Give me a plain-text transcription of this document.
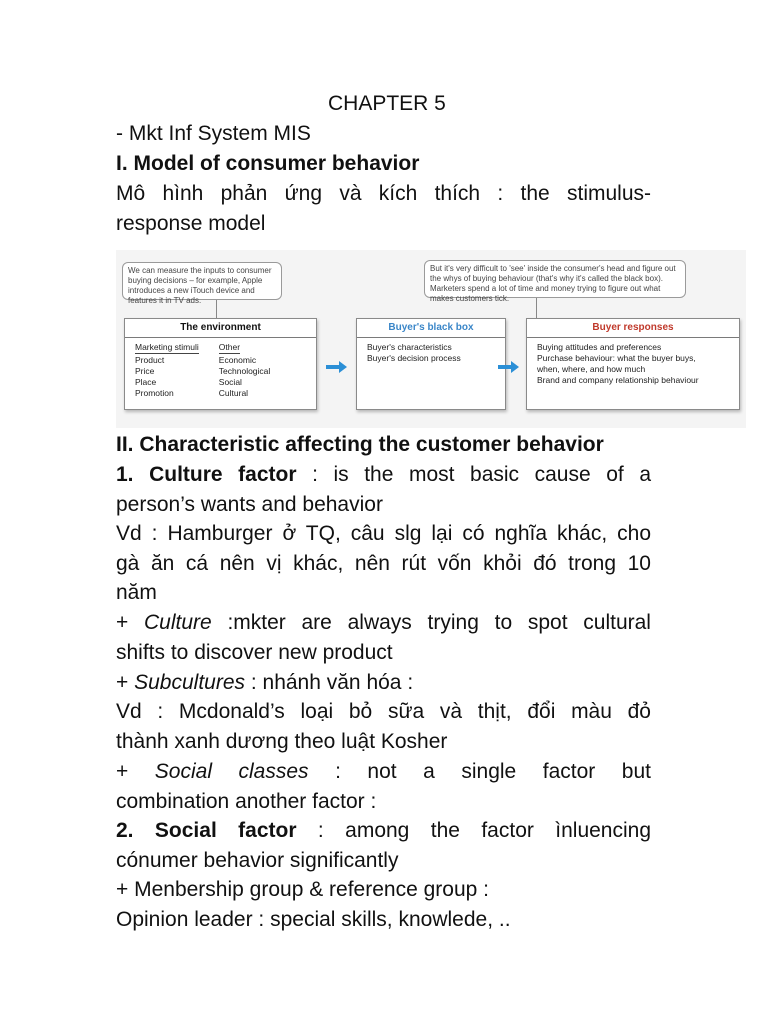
CHAPTER 5
- Mkt Inf System MIS
I. Model of consumer behavior
Mô hình phản ứng và kích thích : the stimulus-
response model
We can measure the inputs to consumer buying decisions – for example, Apple introduces a new iTouch device and features it in TV ads.
But it's very difficult to 'see' inside the consumer's head and figure out the whys of buying behaviour (that's why it's called the black box). Marketers spend a lot of time and money trying to figure out what makes customers tick.
The environment
Marketing stimuli
Product
Price
Place
Promotion
Other
Economic
Technological
Social
Cultural
Buyer's black box
Buyer's characteristics
Buyer's decision process
Buyer responses
Buying attitudes and preferences
Purchase behaviour: what the buyer buys,
when, where, and how much
Brand and company relationship behaviour
II. Characteristic affecting the customer behavior
1. Culture factor : is the most basic cause of a
person’s wants and behavior
Vd : Hamburger ở TQ, câu slg lại có nghĩa khác, cho
gà ăn cá nên vị khác, nên rút vốn khỏi đó trong 10
năm
+ Culture :mkter are always trying to spot cultural
shifts to discover new product
+ Subcultures : nhánh văn hóa :
Vd : Mcdonald’s loại bỏ sữa và thịt, đổi màu đỏ
thành xanh dương theo luật Kosher
+ Social classes : not a single factor but
combination another factor :
2. Social factor : among the factor ìnluencing
cónumer behavior significantly
+ Menbership group & reference group :
Opinion leader : special skills, knowlede, ..
